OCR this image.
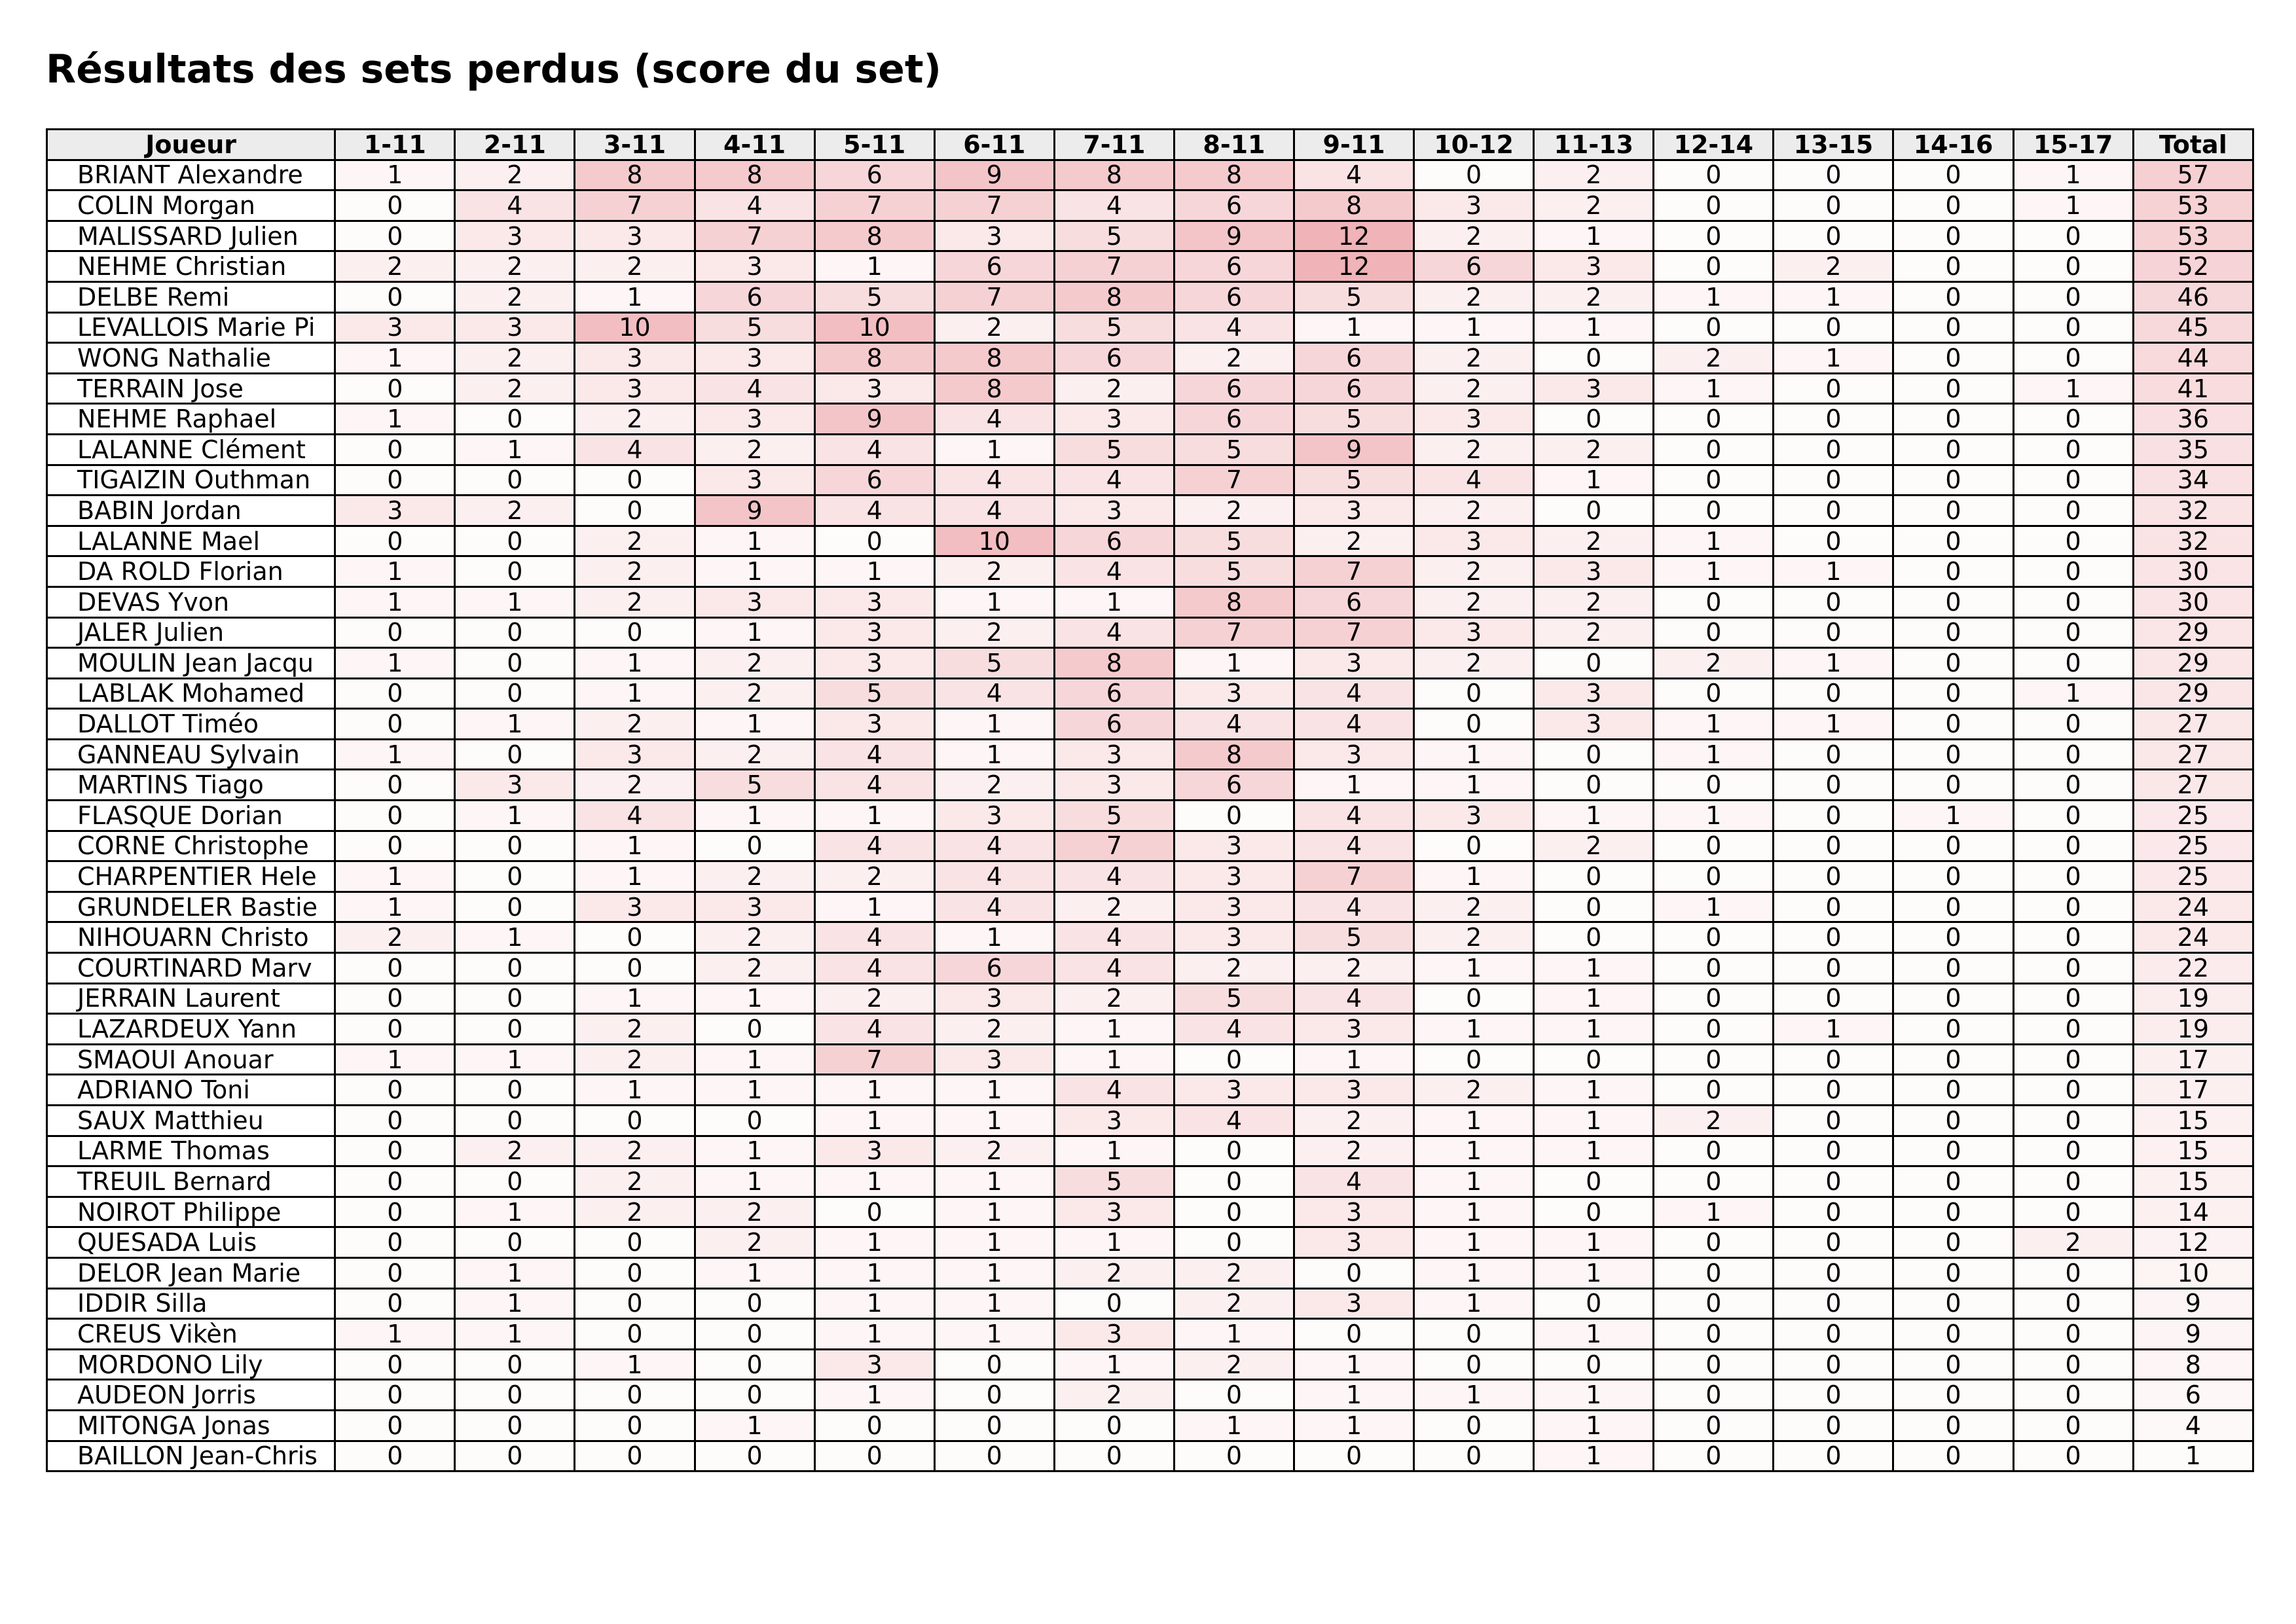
Résultats des sets perdus (score du set)
Joueur	1-11	2-11	3-11	4-11	5-11	6-11	7-11	8-11	9-11	10-12	11-13	12-14	13-15	14-16	15-17	Total
BRIANT Alexandre	1	2	8	8	6	9	8	8	4	0	2	0	0	0	1	57
COLIN Morgan	0	4	7	4	7	7	4	6	8	3	2	0	0	0	1	53
MALISSARD Julien	0	3	3	7	8	3	5	9	12	2	1	0	0	0	0	53
NEHME Christian	2	2	2	3	1	6	7	6	12	6	3	0	2	0	0	52
DELBE Remi	0	2	1	6	5	7	8	6	5	2	2	1	1	0	0	46
LEVALLOIS Marie Pi	3	3	10	5	10	2	5	4	1	1	1	0	0	0	0	45
WONG Nathalie	1	2	3	3	8	8	6	2	6	2	0	2	1	0	0	44
TERRAIN Jose	0	2	3	4	3	8	2	6	6	2	3	1	0	0	1	41
NEHME Raphael	1	0	2	3	9	4	3	6	5	3	0	0	0	0	0	36
LALANNE Clément	0	1	4	2	4	1	5	5	9	2	2	0	0	0	0	35
TIGAIZIN Outhman	0	0	0	3	6	4	4	7	5	4	1	0	0	0	0	34
BABIN Jordan	3	2	0	9	4	4	3	2	3	2	0	0	0	0	0	32
LALANNE Mael	0	0	2	1	0	10	6	5	2	3	2	1	0	0	0	32
DA ROLD Florian	1	0	2	1	1	2	4	5	7	2	3	1	1	0	0	30
DEVAS Yvon	1	1	2	3	3	1	1	8	6	2	2	0	0	0	0	30
JALER Julien	0	0	0	1	3	2	4	7	7	3	2	0	0	0	0	29
MOULIN Jean Jacqu	1	0	1	2	3	5	8	1	3	2	0	2	1	0	0	29
LABLAK Mohamed	0	0	1	2	5	4	6	3	4	0	3	0	0	0	1	29
DALLOT Timéo	0	1	2	1	3	1	6	4	4	0	3	1	1	0	0	27
GANNEAU Sylvain	1	0	3	2	4	1	3	8	3	1	0	1	0	0	0	27
MARTINS Tiago	0	3	2	5	4	2	3	6	1	1	0	0	0	0	0	27
FLASQUE Dorian	0	1	4	1	1	3	5	0	4	3	1	1	0	1	0	25
CORNE Christophe	0	0	1	0	4	4	7	3	4	0	2	0	0	0	0	25
CHARPENTIER Hele	1	0	1	2	2	4	4	3	7	1	0	0	0	0	0	25
GRUNDELER Bastie	1	0	3	3	1	4	2	3	4	2	0	1	0	0	0	24
NIHOUARN Christo	2	1	0	2	4	1	4	3	5	2	0	0	0	0	0	24
COURTINARD Marv	0	0	0	2	4	6	4	2	2	1	1	0	0	0	0	22
JERRAIN Laurent	0	0	1	1	2	3	2	5	4	0	1	0	0	0	0	19
LAZARDEUX Yann	0	0	2	0	4	2	1	4	3	1	1	0	1	0	0	19
SMAOUI Anouar	1	1	2	1	7	3	1	0	1	0	0	0	0	0	0	17
ADRIANO Toni	0	0	1	1	1	1	4	3	3	2	1	0	0	0	0	17
SAUX Matthieu	0	0	0	0	1	1	3	4	2	1	1	2	0	0	0	15
LARME Thomas	0	2	2	1	3	2	1	0	2	1	1	0	0	0	0	15
TREUIL Bernard	0	0	2	1	1	1	5	0	4	1	0	0	0	0	0	15
NOIROT Philippe	0	1	2	2	0	1	3	0	3	1	0	1	0	0	0	14
QUESADA Luis	0	0	0	2	1	1	1	0	3	1	1	0	0	0	2	12
DELOR Jean Marie	0	1	0	1	1	1	2	2	0	1	1	0	0	0	0	10
IDDIR Silla	0	1	0	0	1	1	0	2	3	1	0	0	0	0	0	9
CREUS Vikèn	1	1	0	0	1	1	3	1	0	0	1	0	0	0	0	9
MORDONO Lily	0	0	1	0	3	0	1	2	1	0	0	0	0	0	0	8
AUDEON Jorris	0	0	0	0	1	0	2	0	1	1	1	0	0	0	0	6
MITONGA Jonas	0	0	0	1	0	0	0	1	1	0	1	0	0	0	0	4
BAILLON Jean-Chris	0	0	0	0	0	0	0	0	0	0	1	0	0	0	0	1
